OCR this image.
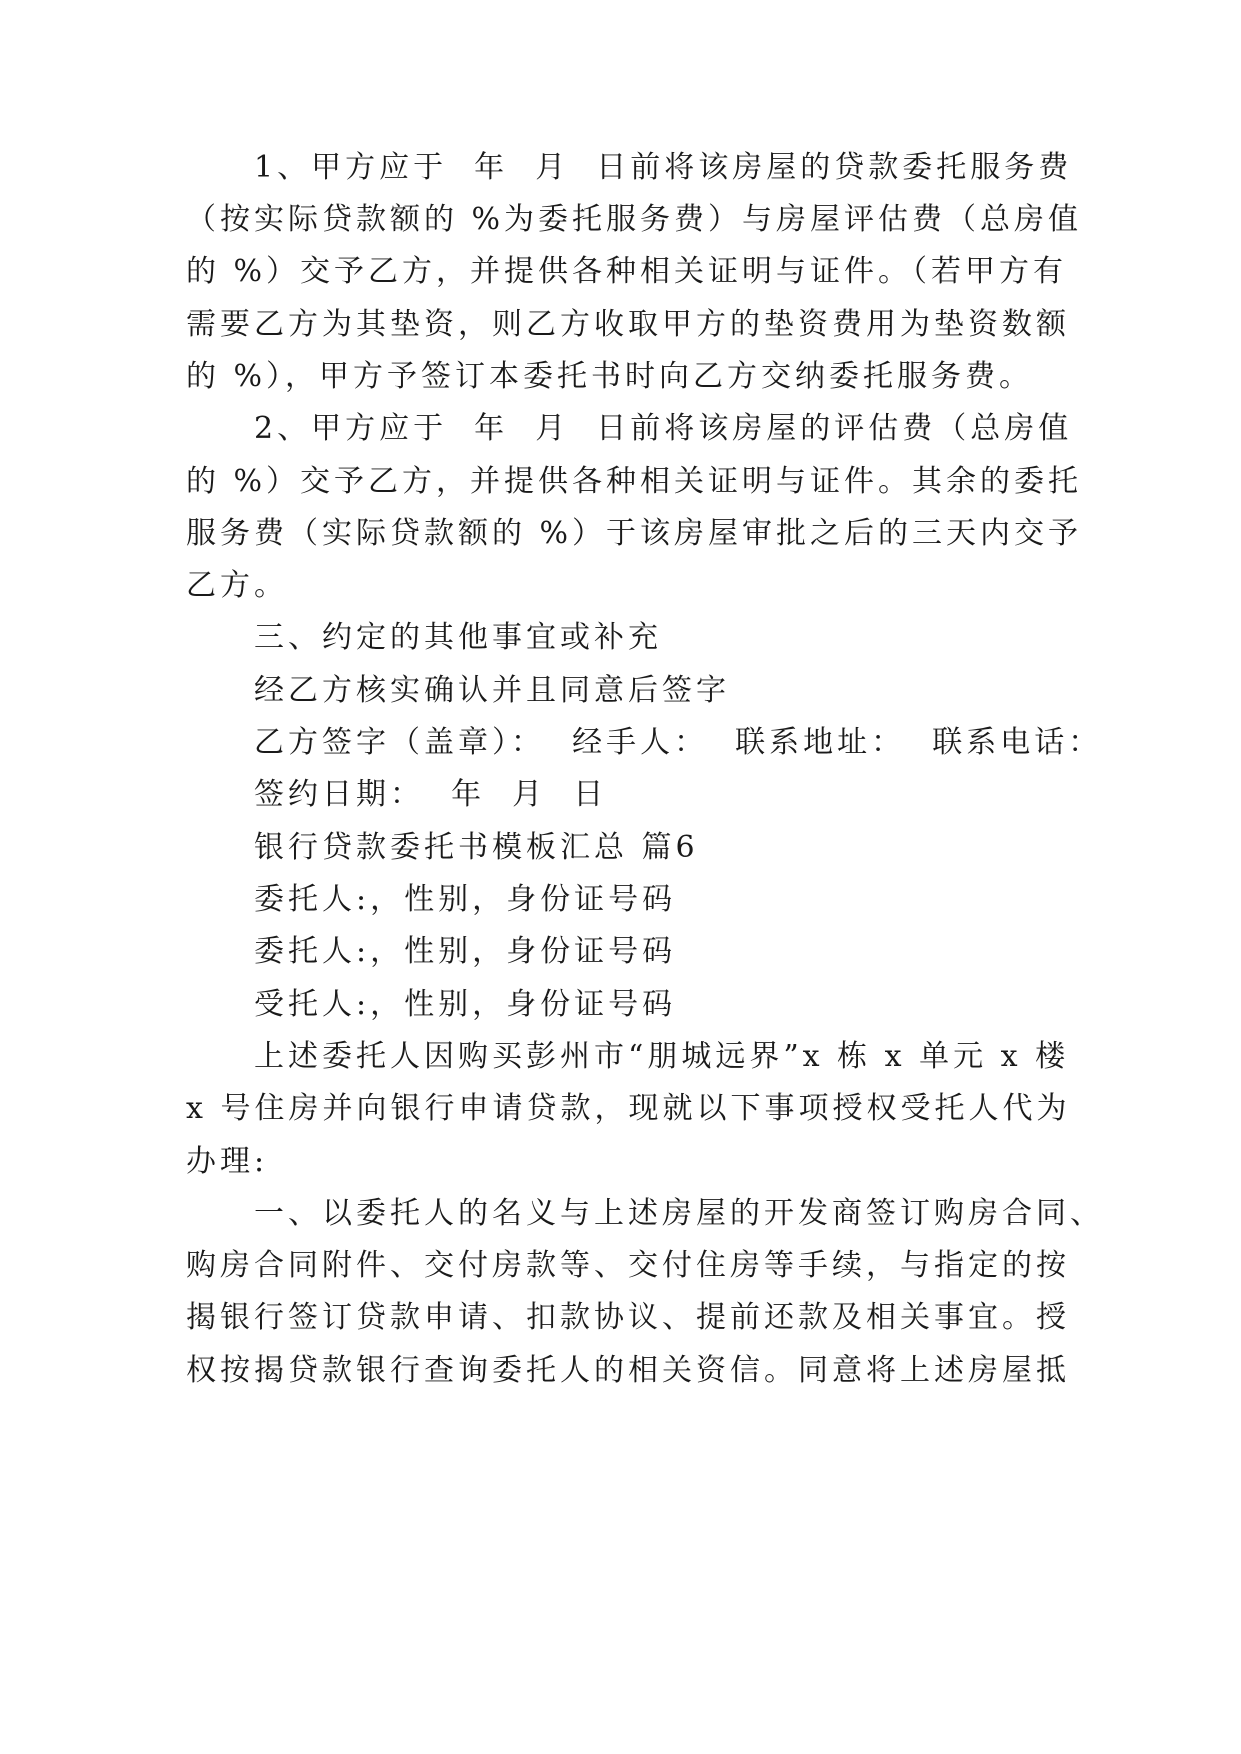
1、甲方应于  年  月  日前将该房屋的贷款委托服务费
（按实际贷款额的 %为委托服务费）与房屋评估费（总房值
的 %）交予乙方，并提供各种相关证明与证件。（若甲方有
需要乙方为其垫资，则乙方收取甲方的垫资费用为垫资数额
的 %），甲方予签订本委托书时向乙方交纳委托服务费。
2、甲方应于  年  月  日前将该房屋的评估费（总房值
的 %）交予乙方，并提供各种相关证明与证件。其余的委托
服务费（实际贷款额的 %）于该房屋审批之后的三天内交予
乙方。
三、约定的其他事宜或补充
经乙方核实确认并且同意后签字
乙方签字（盖章）：  经手人：  联系地址：  联系电话：
签约日期：  年  月  日
银行贷款委托书模板汇总 篇6
委托人:，性别，身份证号码
委托人:，性别，身份证号码
受托人:，性别，身份证号码
上述委托人因购买彭州市“朋城远界”x 栋 x 单元 x 楼
x 号住房并向银行申请贷款，现就以下事项授权受托人代为
办理:
一、以委托人的名义与上述房屋的开发商签订购房合同、
购房合同附件、交付房款等、交付住房等手续，与指定的按
揭银行签订贷款申请、扣款协议、提前还款及相关事宜。授
权按揭贷款银行查询委托人的相关资信。同意将上述房屋抵
